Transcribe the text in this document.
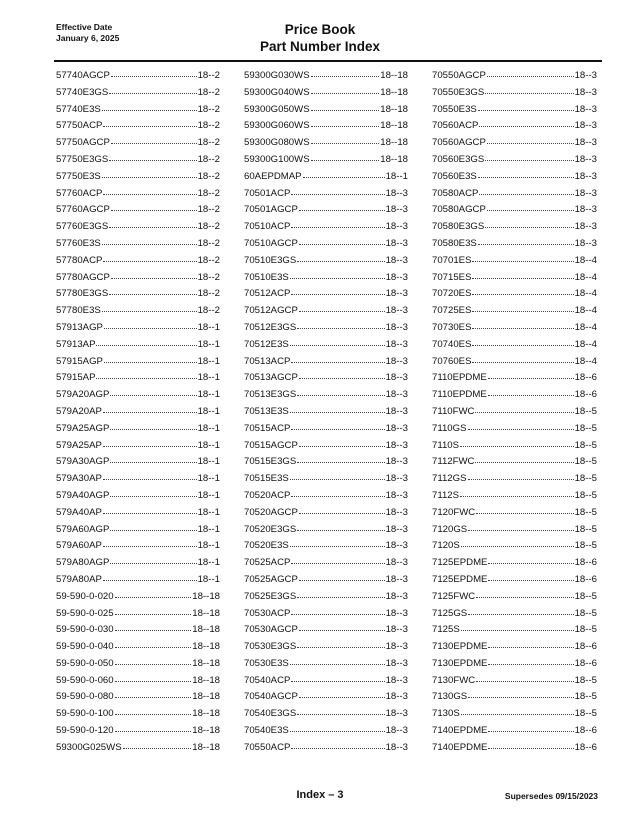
Effective Date
January 6, 2025
Price Book
Part Number Index
57740AGCP	18--2
57740E3GS	18--2
57740E3S	18--2
57750ACP	18--2
57750AGCP	18--2
57750E3GS	18--2
57750E3S	18--2
57760ACP	18--2
57760AGCP	18--2
57760E3GS	18--2
57760E3S	18--2
57780ACP	18--2
57780AGCP	18--2
57780E3GS	18--2
57780E3S	18--2
57913AGP	18--1
57913AP	18--1
57915AGP	18--1
57915AP	18--1
579A20AGP	18--1
579A20AP	18--1
579A25AGP	18--1
579A25AP	18--1
579A30AGP	18--1
579A30AP	18--1
579A40AGP	18--1
579A40AP	18--1
579A60AGP	18--1
579A60AP	18--1
579A80AGP	18--1
579A80AP	18--1
59-590-0-020	18--18
59-590-0-025	18--18
59-590-0-030	18--18
59-590-0-040	18--18
59-590-0-050	18--18
59-590-0-060	18--18
59-590-0-080	18--18
59-590-0-100	18--18
59-590-0-120	18--18
59300G025WS	18--18
59300G030WS	18--18
59300G040WS	18--18
59300G050WS	18--18
59300G060WS	18--18
59300G080WS	18--18
59300G100WS	18--18
60AEPDMAP	18--1
70501ACP	18--3
70501AGCP	18--3
70510ACP	18--3
70510AGCP	18--3
70510E3GS	18--3
70510E3S	18--3
70512ACP	18--3
70512AGCP	18--3
70512E3GS	18--3
70512E3S	18--3
70513ACP	18--3
70513AGCP	18--3
70513E3GS	18--3
70513E3S	18--3
70515ACP	18--3
70515AGCP	18--3
70515E3GS	18--3
70515E3S	18--3
70520ACP	18--3
70520AGCP	18--3
70520E3GS	18--3
70520E3S	18--3
70525ACP	18--3
70525AGCP	18--3
70525E3GS	18--3
70530ACP	18--3
70530AGCP	18--3
70530E3GS	18--3
70530E3S	18--3
70540ACP	18--3
70540AGCP	18--3
70540E3GS	18--3
70540E3S	18--3
70550ACP	18--3
70550AGCP	18--3
70550E3GS	18--3
70550E3S	18--3
70560ACP	18--3
70560AGCP	18--3
70560E3GS	18--3
70560E3S	18--3
70580ACP	18--3
70580AGCP	18--3
70580E3GS	18--3
70580E3S	18--3
70701ES	18--4
70715ES	18--4
70720ES	18--4
70725ES	18--4
70730ES	18--4
70740ES	18--4
70760ES	18--4
7110EPDME	18--6
7110EPDME	18--6
7110FWC	18--5
7110GS	18--5
7110S	18--5
7112FWC	18--5
7112GS	18--5
7112S	18--5
7120FWC	18--5
7120GS	18--5
7120S	18--5
7125EPDME	18--6
7125EPDME	18--6
7125FWC	18--5
7125GS	18--5
7125S	18--5
7130EPDME	18--6
7130EPDME	18--6
7130FWC	18--5
7130GS	18--5
7130S	18--5
7140EPDME	18--6
7140EPDME	18--6
Index – 3	Supersedes 09/15/2023
